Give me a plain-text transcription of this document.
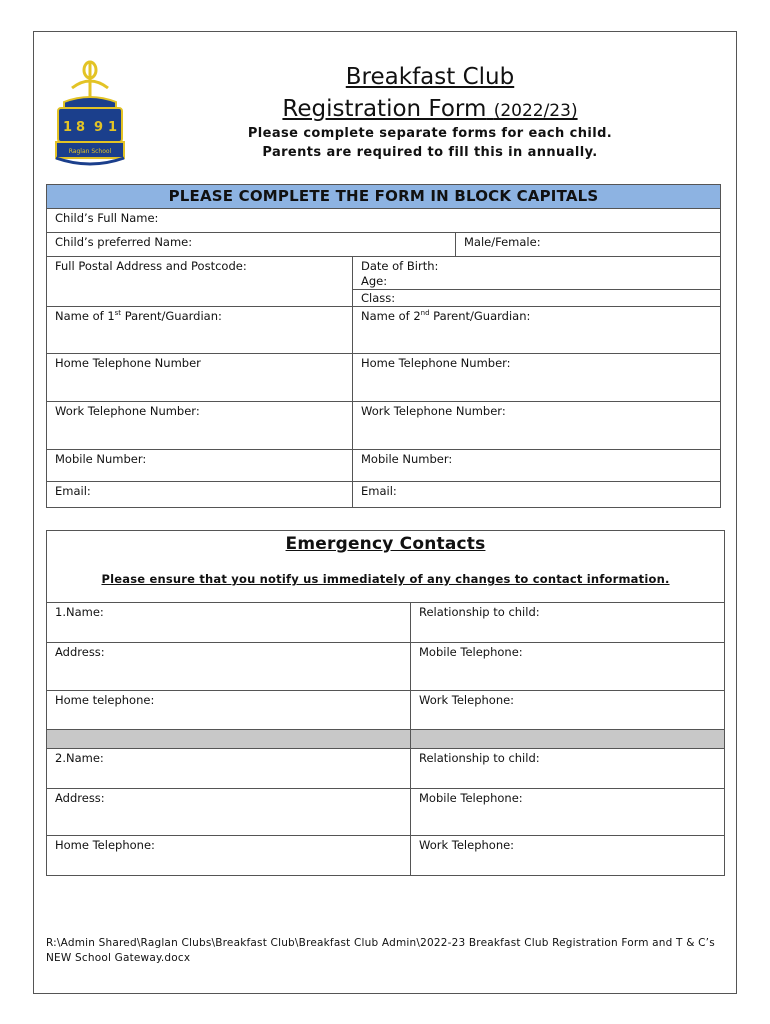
1 8 9 1
Raglan School
Breakfast Club
Registration Form (2022/23)
Please complete separate forms for each child.
Parents are required to fill this in annually.
PLEASE COMPLETE THE FORM IN BLOCK CAPITALS
Child’s Full Name:
Child’s preferred Name:	Male/Female:
Full Postal Address and Postcode:	Date of Birth:
Age:
Class:
Name of 1st Parent/Guardian:	Name of 2nd Parent/Guardian:
Home Telephone Number	Home Telephone Number:
Work Telephone Number:	Work Telephone Number:
Mobile Number:	Mobile Number:
Email:	Email:
Emergency Contacts
Please ensure that you notify us immediately of any changes to contact information.
1.Name:	Relationship to child:
Address:	Mobile Telephone:
Home telephone:	Work Telephone:
2.Name:	Relationship to child:
Address:	Mobile Telephone:
Home Telephone:	Work Telephone:
R:\Admin Shared\Raglan Clubs\Breakfast Club\Breakfast Club Admin\2022-23 Breakfast Club Registration Form and T & C’s NEW School Gateway.docx
